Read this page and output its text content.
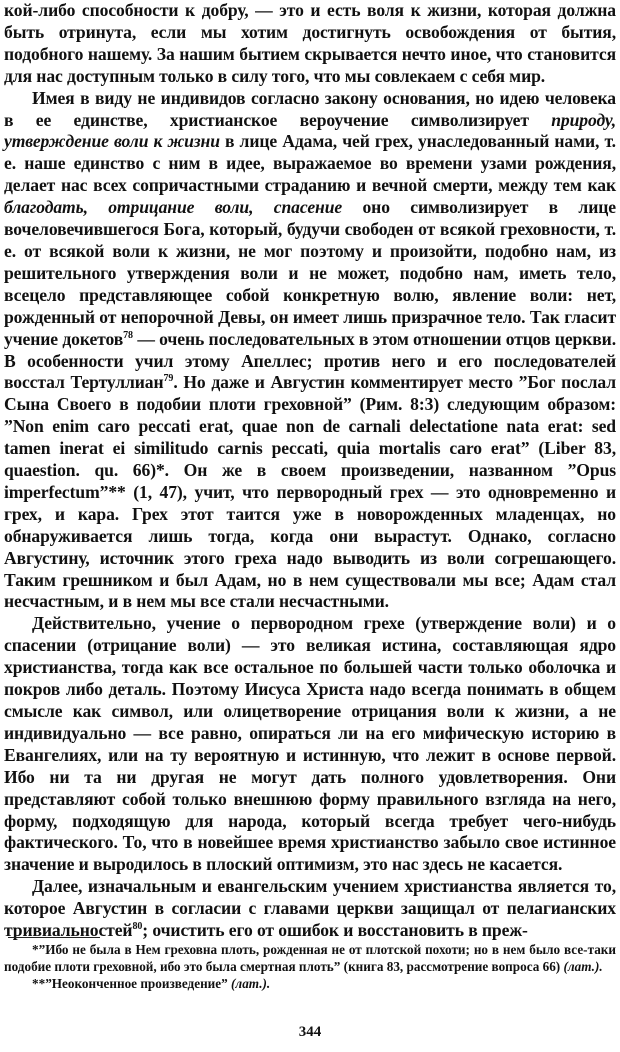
кой-либо способности к добру, — это и есть воля к жизни, которая должна быть отринута, если мы хотим достигнуть освобождения от бытия, подобного нашему. За нашим бытием скрывается нечто иное, что становится для нас доступным только в силу того, что мы совлекаем с себя мир.

Имея в виду не индивидов согласно закону основания, но идею человека в ее единстве, христианское вероучение символизирует природу, утверждение воли к жизни в лице Адама, чей грех, унаследованный нами, т. е. наше единство с ним в идее, выражаемое во времени узами рождения, делает нас всех сопричастными страданию и вечной смерти, между тем как благодать, отрицание воли, спасение оно символизирует в лице вочеловечившегося Бога, который, будучи свободен от всякой греховности, т. е. от всякой воли к жизни, не мог поэтому и произойти, подобно нам, из решительного утверждения воли и не может, подобно нам, иметь тело, всецело представляющее собой конкретную волю, явление воли: нет, рожденный от непорочной Девы, он имеет лишь призрачное тело. Так гласит учение докетов$^{78}$ — очень последовательных в этом отношении отцов церкви. В особенности учил этому Апеллес; против него и его последователей восстал Тертуллиан$^{79}$. Но даже и Августин комментирует место ”Бог послал Сына Своего в подобии плоти греховной” (Рим. 8:3) следующим образом: ”Non enim caro peccati erat, quae non de carnali delectatione nata erat: sed tamen inerat ei similitudo carnis peccati, quia mortalis caro erat” (Liber 83, quaestion. qu. 66)*. Он же в своем произведении, названном ”Opus imperfectum”** (1, 47), учит, что первородный грех — это одновременно и грех, и кара. Грех этот таится уже в новорожденных младенцах, но обнаруживается лишь тогда, когда они вырастут. Однако, согласно Августину, источник этого греха надо выводить из воли согрешающего. Таким грешником и был Адам, но в нем существовали мы все; Адам стал несчастным, и в нем мы все стали несчастными.

Действительно, учение о первородном грехе (утверждение воли) и о спасении (отрицание воли) — это великая истина, составляющая ядро христианства, тогда как все остальное по большей части только оболочка и покров либо деталь. Поэтому Иисуса Христа надо всегда понимать в общем смысле как символ, или олицетворение отрицания воли к жизни, а не индивидуально — все равно, опираться ли на его мифическую историю в Евангелиях, или на ту вероятную и истинную, что лежит в основе первой. Ибо ни та ни другая не могут дать полного удовлетворения. Они представляют собой только внешнюю форму правильного взгляда на него, форму, подходящую для народа, который всегда требует чего-нибудь фактического. То, что в новейшее время христианство забыло свое истинное значение и выродилось в плоский оптимизм, это нас здесь не касается.

Далее, изначальным и евангельским учением христианства является то, которое Августин в согласии с главами церкви защищал от пелагианских тривиальностей$^{80}$; очистить его от ошибок и восстановить в преж-

*”Ибо не была в Нем греховна плоть, рожденная не от плотской похоти; но в нем было все-таки подобие плоти греховной, ибо это была смертная плоть” (книга 83, рассмотрение вопроса 66) (лат.).

**”Неоконченное произведение” (лат.).

344
